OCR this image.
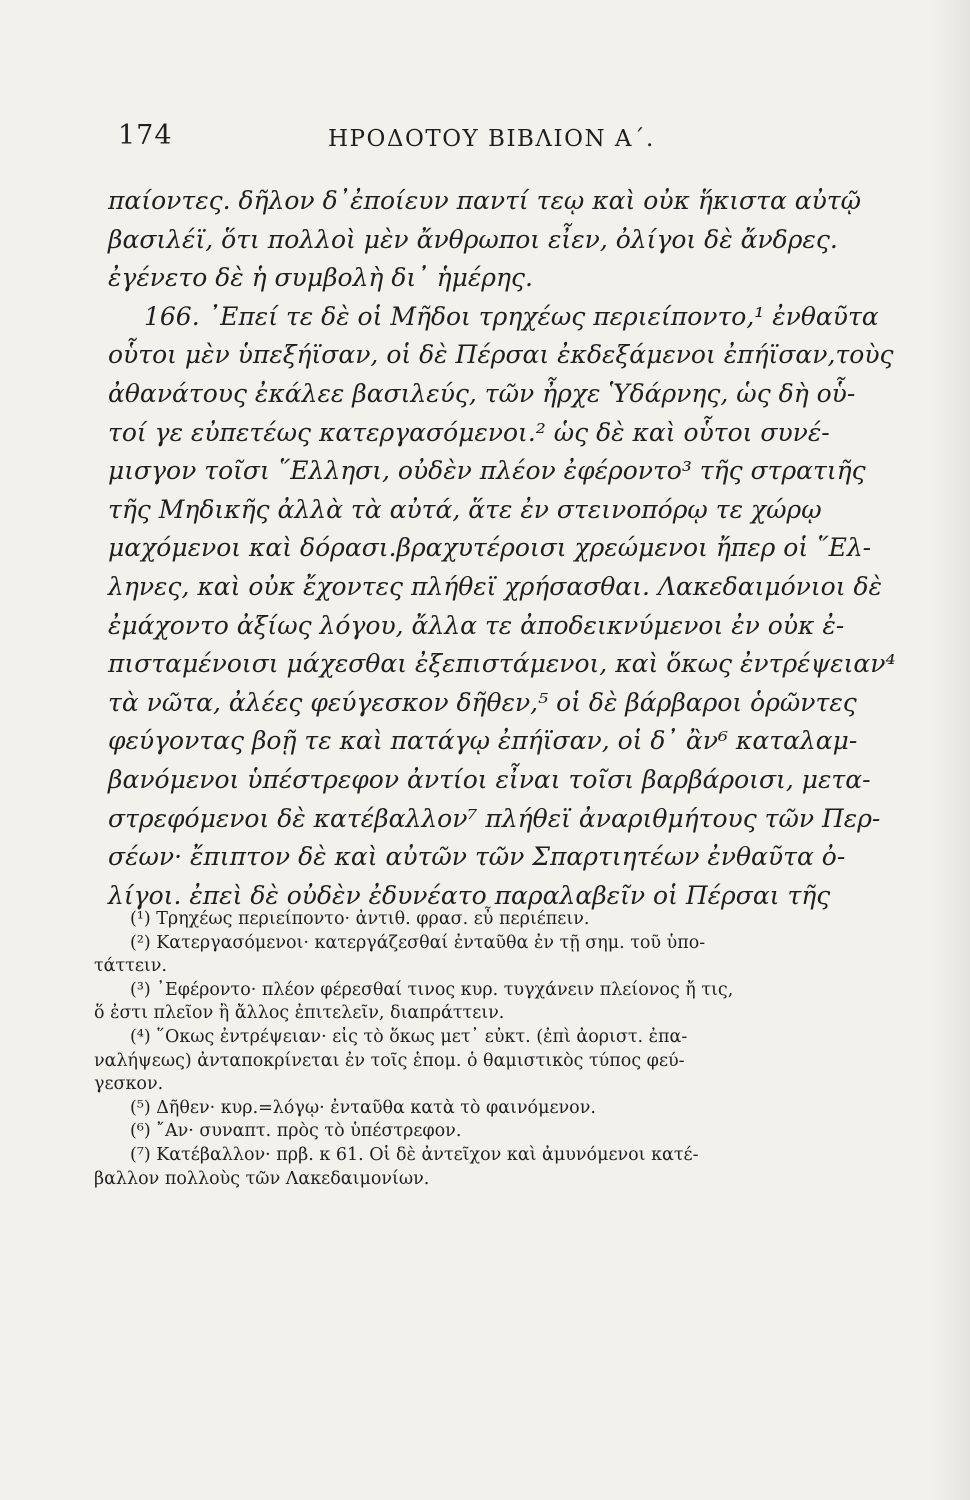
174	ΗΡΟΔΟΤΟΥ ΒΙΒΛΙΟΝ Α΄.
παίοντες. δῆλον δ᾽ἐποίευν παντί τεῳ καὶ οὐκ ἥκιστα αὐτῷ
βασιλέϊ, ὅτι πολλοὶ μὲν ἄνθρωποι εἶεν, ὀλίγοι δὲ ἄνδρες.
ἐγένετο δὲ ἡ συμβολὴ δι᾽ ἡμέρης.
166. ᾽Επεί τε δὲ οἱ Μῆδοι τρηχέως περιείποντο,¹ ἐνθαῦτα
οὗτοι μὲν ὑπεξήϊσαν, οἱ δὲ Πέρσαι ἐκδεξάμενοι ἐπήϊσαν,τοὺς
ἀθανάτους ἐκάλεε βασιλεύς, τῶν ἦρχε Ὑδάρνης, ὡς δὴ οὗ-
τοί γε εὐπετέως κατεργασόμενοι.² ὡς δὲ καὶ οὗτοι συνέ-
μισγον τοῖσι ῞Ελλησι, οὐδὲν πλέον ἐφέροντο³ τῆς στρατιῆς
τῆς Μηδικῆς ἀλλὰ τὰ αὐτά, ἅτε ἐν στεινοπόρῳ τε χώρῳ
μαχόμενοι καὶ δόρασι.βραχυτέροισι χρεώμενοι ἤπερ οἱ ῞Ελ-
ληνες, καὶ οὐκ ἔχοντες πλήθεϊ χρήσασθαι. Λακεδαιμόνιοι δὲ
ἐμάχοντο ἀξίως λόγου, ἄλλα τε ἀποδεικνύμενοι ἐν οὐκ ἐ-
πισταμένοισι μάχεσθαι ἐξεπιστάμενοι, καὶ ὅκως ἐντρέψειαν⁴
τὰ νῶτα, ἀλέες φεύγεσκον δῆθεν,⁵ οἱ δὲ βάρβαροι ὁρῶντες
φεύγοντας βοῇ τε καὶ πατάγῳ ἐπήϊσαν, οἱ δ᾽ ἂν⁶ καταλαμ-
βανόμενοι ὑπέστρεφον ἀντίοι εἶναι τοῖσι βαρβάροισι, μετα-
στρεφόμενοι δὲ κατέβαλλον⁷ πλήθεϊ ἀναριθμήτους τῶν Περ-
σέων· ἔπιπτον δὲ καὶ αὐτῶν τῶν Σπαρτιητέων ἐνθαῦτα ὀ-
λίγοι. ἐπεὶ δὲ οὐδὲν ἐδυνέατο παραλαβεῖν οἱ Πέρσαι τῆς
(¹) Τρηχέως περιείποντο· ἀντιθ. φρασ. εὖ περιέπειν.
(²) Κατεργασόμενοι· κατεργάζεσθαί ἐνταῦθα ἐν τῇ σημ. τοῦ ὑπο-
τάττειν.
(³) ᾽Εφέροντο· πλέον φέρεσθαί τινος κυρ. τυγχάνειν πλείονος ἤ τις,
ὅ ἐστι πλεῖον ἢ ἄλλος ἐπιτελεῖν, διαπράττειν.
(⁴) ῞Οκως ἐντρέψειαν· εἰς τὸ ὅκως μετ᾽ εὐκτ. (ἐπὶ ἀοριστ. ἐπα-
ναλήψεως) ἀνταποκρίνεται ἐν τοῖς ἑπομ. ὁ θαμιστικὸς τύπος φεύ-
γεσκον.
(⁵) Δῆθεν· κυρ.=λόγῳ· ἐνταῦθα κατὰ τὸ φαινόμενον.
(⁶) ῎Αν· συναπτ. πρὸς τὸ ὑπέστρεφον.
(⁷) Κατέβαλλον· πρβ. κ 61. Οἱ δὲ ἀντεῖχον καὶ ἀμυνόμενοι κατέ-
βαλλον πολλοὺς τῶν Λακεδαιμονίων.
